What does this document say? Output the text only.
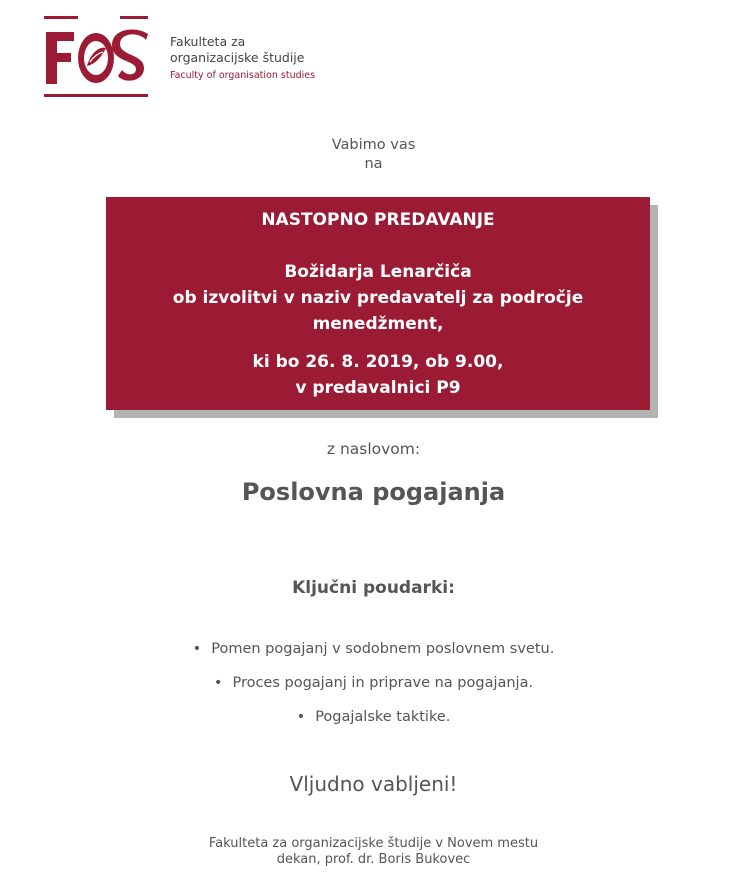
Fakulteta za
organizacijske študije
Faculty of organisation studies
Vabimo vas
na
NASTOPNO PREDAVANJE
Božidarja Lenarčiča
ob izvolitvi v naziv predavatelj za področje
menedžment,
ki bo 26. 8. 2019, ob 9.00,
v predavalnici P9
z naslovom:
Poslovna pogajanja
Ključni poudarki:
• Pomen pogajanj v sodobnem poslovnem svetu.
• Proces pogajanj in priprave na pogajanja.
• Pogajalske taktike.
Vljudno vabljeni!
Fakulteta za organizacijske študije v Novem mestu
dekan, prof. dr. Boris Bukovec
